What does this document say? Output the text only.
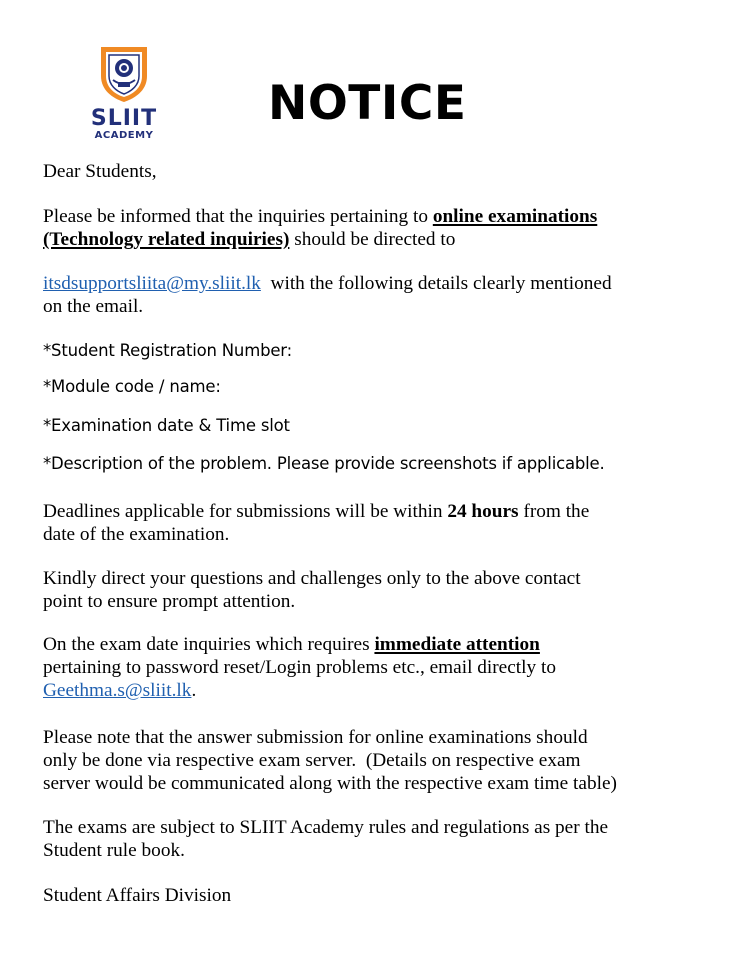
SLIIT
ACADEMY
NOTICE
Dear Students,
Please be informed that the inquiries pertaining to online examinations
(Technology related inquiries) should be directed to
itsdsupportsliita@my.sliit.lk  with the following details clearly mentioned
on the email.
*Student Registration Number:
*Module code / name:
*Examination date & Time slot
*Description of the problem. Please provide screenshots if applicable.
Deadlines applicable for submissions will be within 24 hours from the
date of the examination.
Kindly direct your questions and challenges only to the above contact
point to ensure prompt attention.
On the exam date inquiries which requires immediate attention
pertaining to password reset/Login problems etc., email directly to
Geethma.s@sliit.lk.
Please note that the answer submission for online examinations should
only be done via respective exam server.  (Details on respective exam
server would be communicated along with the respective exam time table)
The exams are subject to SLIIT Academy rules and regulations as per the
Student rule book.
Student Affairs Division
